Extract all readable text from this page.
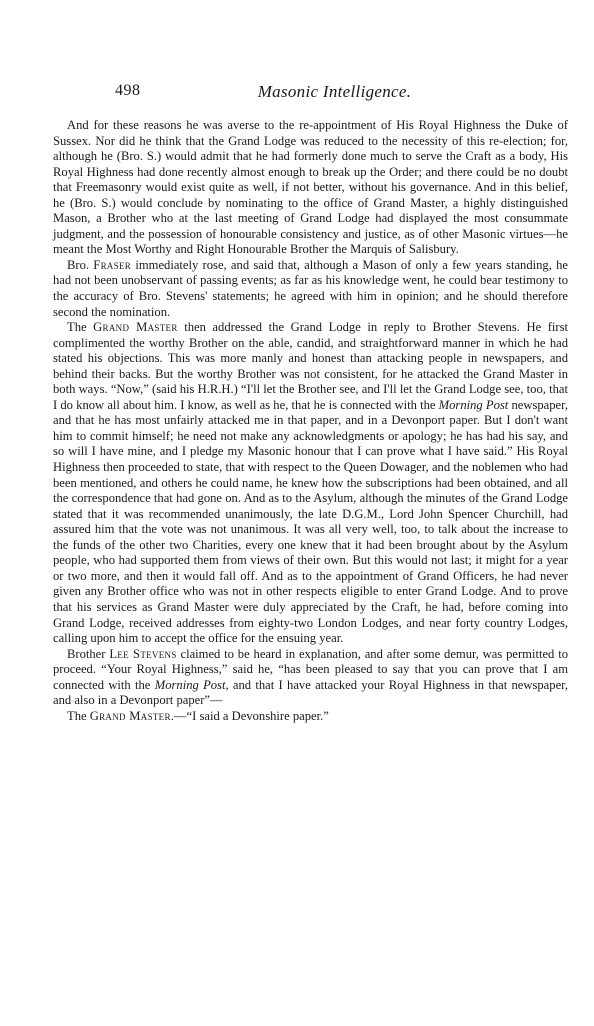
498	Masonic Intelligence.

And for these reasons he was averse to the re-appointment of His Royal Highness the Duke of Sussex. Nor did he think that the Grand Lodge was reduced to the necessity of this re-election; for, although he (Bro. S.) would admit that he had formerly done much to serve the Craft as a body, His Royal Highness had done recently almost enough to break up the Order; and there could be no doubt that Freemasonry would exist quite as well, if not better, without his governance. And in this belief, he (Bro. S.) would conclude by nominating to the office of Grand Master, a highly distinguished Mason, a Brother who at the last meeting of Grand Lodge had displayed the most consummate judgment, and the possession of honourable consistency and justice, as of other Masonic virtues—he meant the Most Worthy and Right Honourable Brother the Marquis of Salisbury.

Bro. Fraser immediately rose, and said that, although a Mason of only a few years standing, he had not been unobservant of passing events; as far as his knowledge went, he could bear testimony to the accuracy of Bro. Stevens' statements; he agreed with him in opinion; and he should therefore second the nomination.

The Grand Master then addressed the Grand Lodge in reply to Brother Stevens. He first complimented the worthy Brother on the able, candid, and straightforward manner in which he had stated his objections. This was more manly and honest than attacking people in newspapers, and behind their backs. But the worthy Brother was not consistent, for he attacked the Grand Master in both ways. “Now,” (said his H.R.H.) “I'll let the Brother see, and I'll let the Grand Lodge see, too, that I do know all about him. I know, as well as he, that he is connected with the Morning Post newspaper, and that he has most unfairly attacked me in that paper, and in a Devonport paper. But I don't want him to commit himself; he need not make any acknowledgments or apology; he has had his say, and so will I have mine, and I pledge my Masonic honour that I can prove what I have said.” His Royal Highness then proceeded to state, that with respect to the Queen Dowager, and the noblemen who had been mentioned, and others he could name, he knew how the subscriptions had been obtained, and all the correspondence that had gone on. And as to the Asylum, although the minutes of the Grand Lodge stated that it was recommended unanimously, the late D.G.M., Lord John Spencer Churchill, had assured him that the vote was not unanimous. It was all very well, too, to talk about the increase to the funds of the other two Charities, every one knew that it had been brought about by the Asylum people, who had supported them from views of their own. But this would not last; it might for a year or two more, and then it would fall off. And as to the appointment of Grand Officers, he had never given any Brother office who was not in other respects eligible to enter Grand Lodge. And to prove that his services as Grand Master were duly appreciated by the Craft, he had, before coming into Grand Lodge, received addresses from eighty-two London Lodges, and near forty country Lodges, calling upon him to accept the office for the ensuing year.

Brother Lee Stevens claimed to be heard in explanation, and after some demur, was permitted to proceed. “Your Royal Highness,” said he, “has been pleased to say that you can prove that I am connected with the Morning Post, and that I have attacked your Royal Highness in that newspaper, and also in a Devonport paper”—

The Grand Master.—“I said a Devonshire paper.”
